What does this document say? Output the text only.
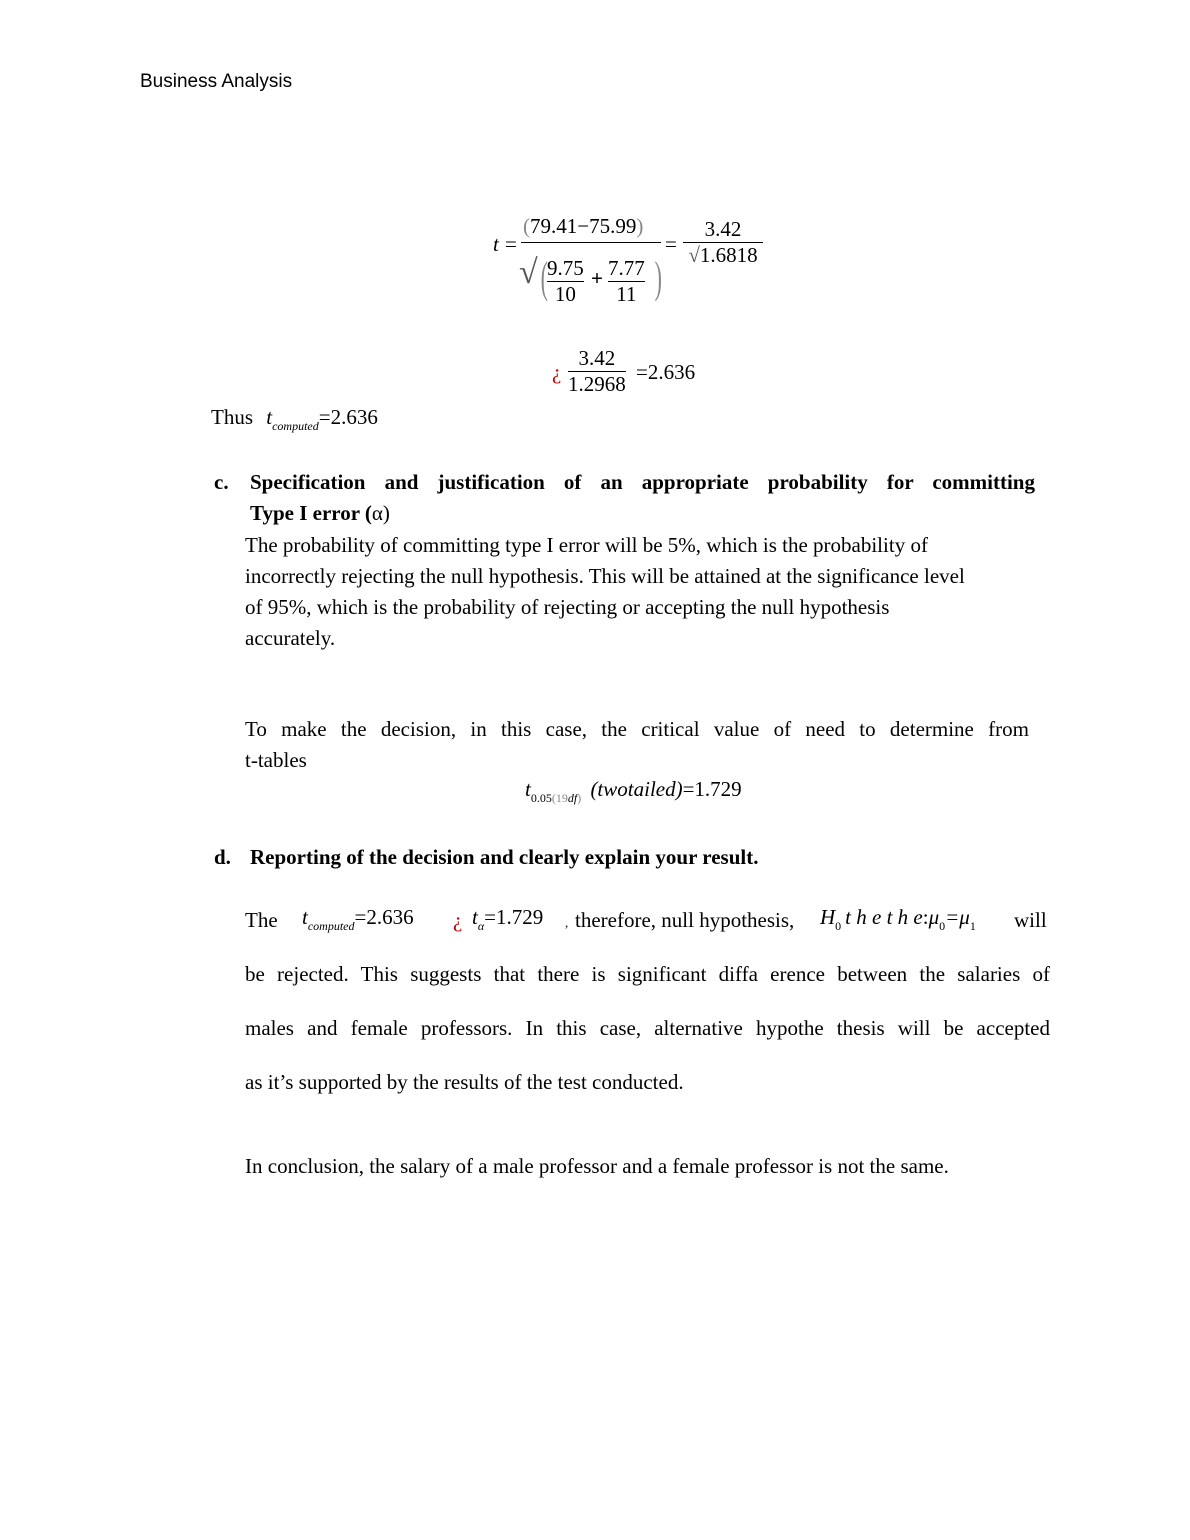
Business Analysis
t =
(79.41−75.99)
√ ( $\frac{9.75}{10} + \frac{7.77}{11}$ )
= $\frac{3.42}{√1.6818}$
¿ $\frac{3.42}{1.2968} =2.636$
Thus $t_{computed}=2.636$
c. Specification and justification of an appropriate probability for committing
Type I error (α)
The probability of committing type I error will be 5%, which is the probability of
incorrectly rejecting the null hypothesis. This will be attained at the significance level
of 95%, which is the probability of rejecting or accepting the null hypothesis
accurately.
To make the decision, in this case, the critical value of need to determine from
t-tables
$t_{0.05(19df)}$ (twotailed)=1.729
d. Reporting of the decision and clearly explain your result.
The $t_{computed}=2.636$ ¿ $t_\alpha=1.729$ , therefore, null hypothesis, $H_0$ t h e t h $e:\mu_0=\mu_1$ will
be rejected. This suggests that there is significant diffa erence between the salaries of
males and female professors. In this case, alternative hypothe thesis will be accepted
as it’s supported by the results of the test conducted.
In conclusion, the salary of a male professor and a female professor is not the same.
